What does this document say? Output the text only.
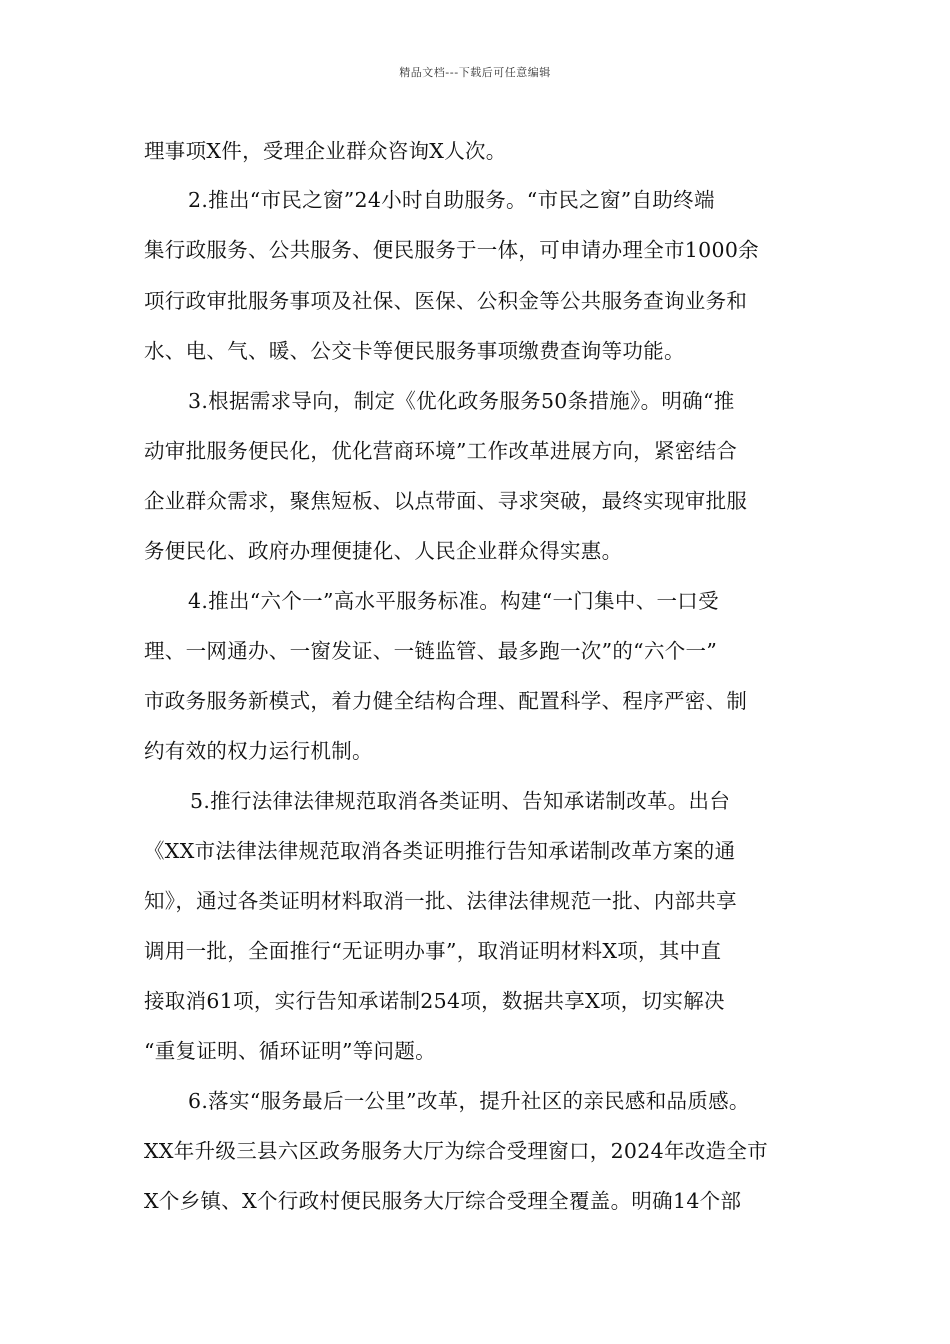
精品文档---下载后可任意编辑
理事项X件，受理企业群众咨询X人次。
2.推出“市民之窗”24小时自助服务。“市民之窗”自助终端
集行政服务、公共服务、便民服务于一体，可申请办理全市1000余
项行政审批服务事项及社保、医保、公积金等公共服务查询业务和
水、电、气、暖、公交卡等便民服务事项缴费查询等功能。
3.根据需求导向，制定《优化政务服务50条措施》。明确“推
动审批服务便民化，优化营商环境”工作改革进展方向，紧密结合
企业群众需求，聚焦短板、以点带面、寻求突破，最终实现审批服
务便民化、政府办理便捷化、人民企业群众得实惠。
4.推出“六个一”高水平服务标准。构建“一门集中、一口受
理、一网通办、一窗发证、一链监管、最多跑一次”的“六个一”
市政务服务新模式，着力健全结构合理、配置科学、程序严密、制
约有效的权力运行机制。
5.推行法律法律规范取消各类证明、告知承诺制改革。出台
《XX市法律法律规范取消各类证明推行告知承诺制改革方案的通
知》，通过各类证明材料取消一批、法律法律规范一批、内部共享
调用一批，全面推行“无证明办事”，取消证明材料X项，其中直
接取消61项，实行告知承诺制254项，数据共享X项，切实解决
“重复证明、循环证明”等问题。
6.落实“服务最后一公里”改革，提升社区的亲民感和品质感。
XX年升级三县六区政务服务大厅为综合受理窗口，2024年改造全市
X个乡镇、X个行政村便民服务大厅综合受理全覆盖。明确14个部
